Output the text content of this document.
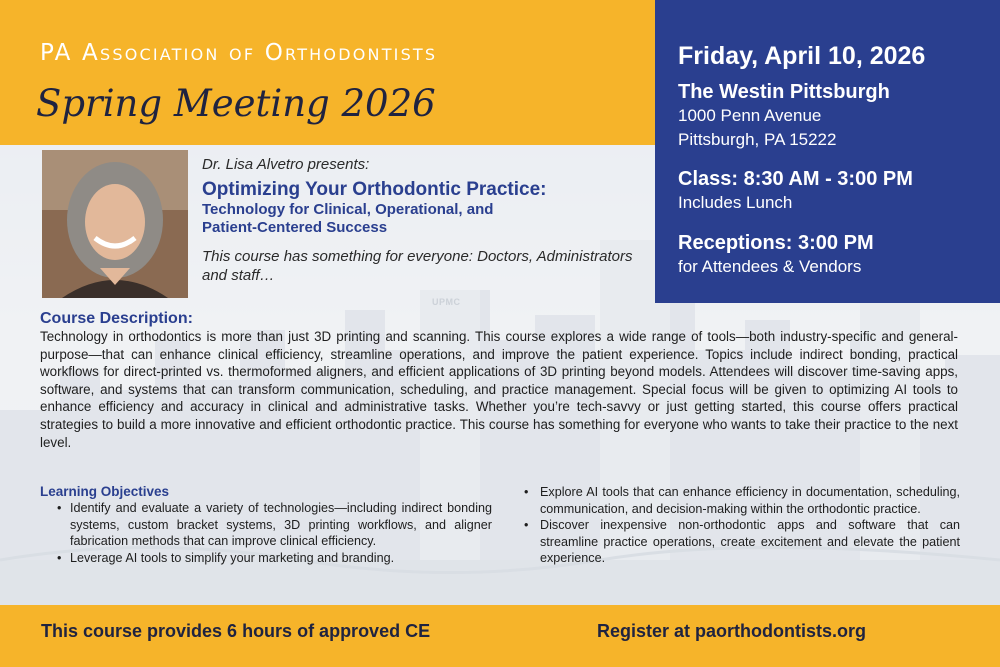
PA Association of Orthodontists
Spring Meeting 2026
Friday, April 10, 2026
The Westin Pittsburgh
1000 Penn Avenue
Pittsburgh, PA 15222
Class: 8:30 AM - 3:00 PM
Includes Lunch
Receptions: 3:00 PM
for Attendees & Vendors
Dr. Lisa Alvetro presents:
Optimizing Your Orthodontic Practice:
Technology for Clinical, Operational, and
Patient-Centered Success
This course has something for everyone: Doctors, Administrators and staff…
Course Description:
Technology in orthodontics is more than just 3D printing and scanning. This course explores a wide range of tools—both industry-specific and general-purpose—that can enhance clinical efficiency, streamline operations, and improve the patient experience. Topics include indirect bonding, practical workflows for direct-printed vs. thermoformed aligners, and efficient applications of 3D printing beyond models. Attendees will discover time-saving apps, software, and systems that can transform communication, scheduling, and practice management. Special focus will be given to optimizing AI tools to enhance efficiency and accuracy in clinical and administrative tasks. Whether you’re tech-savvy or just getting started, this course offers practical strategies to build a more innovative and efficient orthodontic practice. This course has something for everyone who wants to take their practice to the next level.
Learning Objectives
• Identify and evaluate a variety of technologies—including indirect bonding systems, custom bracket systems, 3D printing workflows, and aligner fabrication methods that can improve clinical efficiency.
• Leverage AI tools to simplify your marketing and branding.
• Explore AI tools that can enhance efficiency in documentation, scheduling, communication, and decision-making within the orthodontic practice.
• Discover inexpensive non-orthodontic apps and software that can streamline practice operations, create excitement and elevate the patient experience.
This course provides 6 hours of approved CE	Register at paorthodontists.org
